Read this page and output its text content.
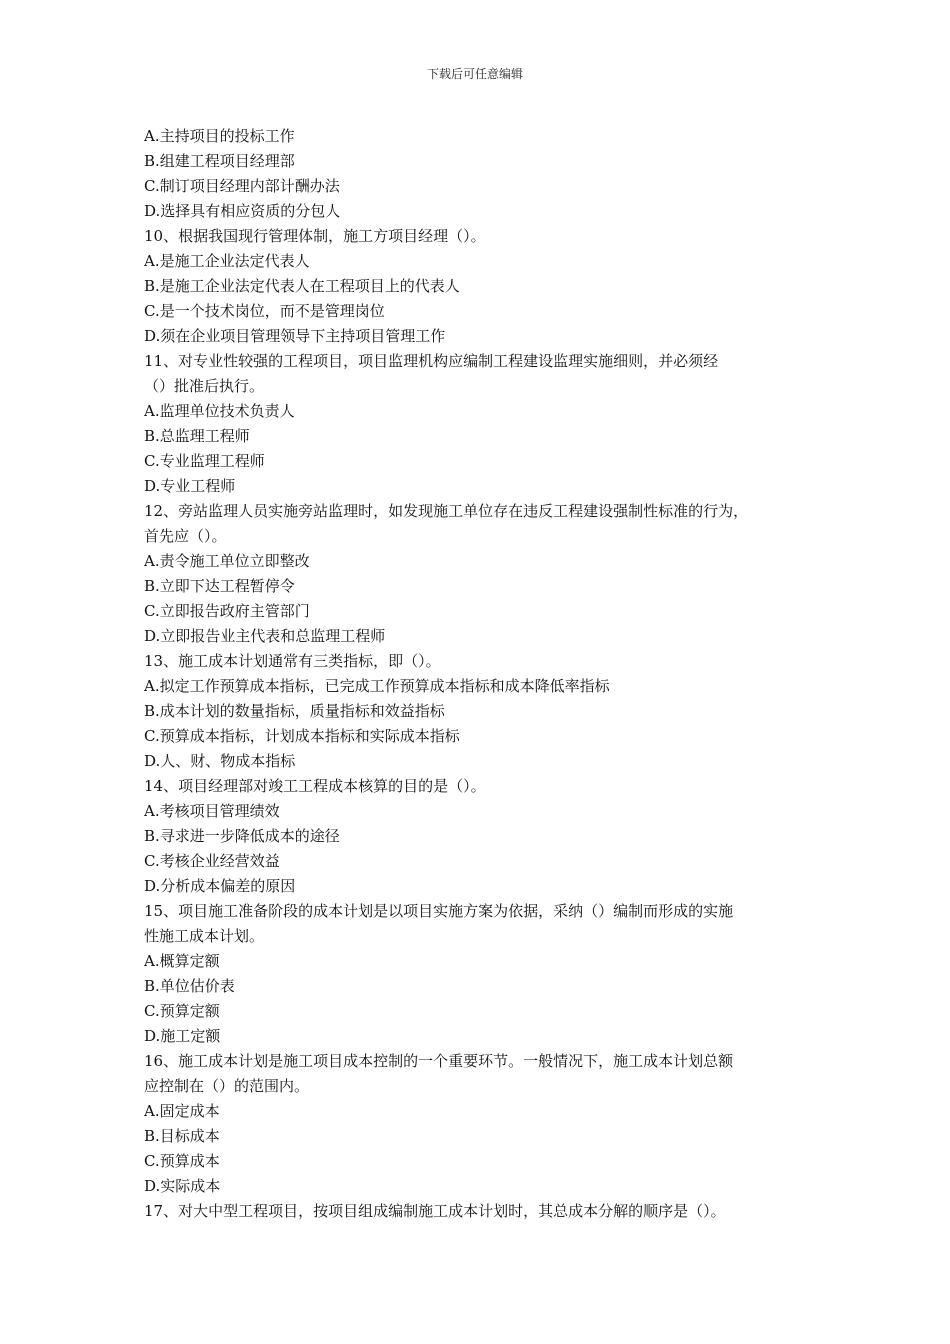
下载后可任意编辑
A.主持项目的投标工作
B.组建工程项目经理部
C.制订项目经理内部计酬办法
D.选择具有相应资质的分包人
10、根据我国现行管理体制，施工方项目经理（）。
A.是施工企业法定代表人
B.是施工企业法定代表人在工程项目上的代表人
C.是一个技术岗位，而不是管理岗位
D.须在企业项目管理领导下主持项目管理工作
11、对专业性较强的工程项目，项目监理机构应编制工程建设监理实施细则，并必须经
（）批准后执行。
A.监理单位技术负责人
B.总监理工程师
C.专业监理工程师
D.专业工程师
12、旁站监理人员实施旁站监理时，如发现施工单位存在违反工程建设强制性标准的行为，
首先应（）。
A.责令施工单位立即整改
B.立即下达工程暂停令
C.立即报告政府主管部门
D.立即报告业主代表和总监理工程师
13、施工成本计划通常有三类指标，即（）。
A.拟定工作预算成本指标，已完成工作预算成本指标和成本降低率指标
B.成本计划的数量指标，质量指标和效益指标
C.预算成本指标，计划成本指标和实际成本指标
D.人、财、物成本指标
14、项目经理部对竣工工程成本核算的目的是（）。
A.考核项目管理绩效
B.寻求进一步降低成本的途径
C.考核企业经营效益
D.分析成本偏差的原因
15、项目施工准备阶段的成本计划是以项目实施方案为依据，采纳（）编制而形成的实施
性施工成本计划。
A.概算定额
B.单位估价表
C.预算定额
D.施工定额
16、施工成本计划是施工项目成本控制的一个重要环节。一般情况下，施工成本计划总额
应控制在（）的范围内。
A.固定成本
B.目标成本
C.预算成本
D.实际成本
17、对大中型工程项目，按项目组成编制施工成本计划时，其总成本分解的顺序是（）。
